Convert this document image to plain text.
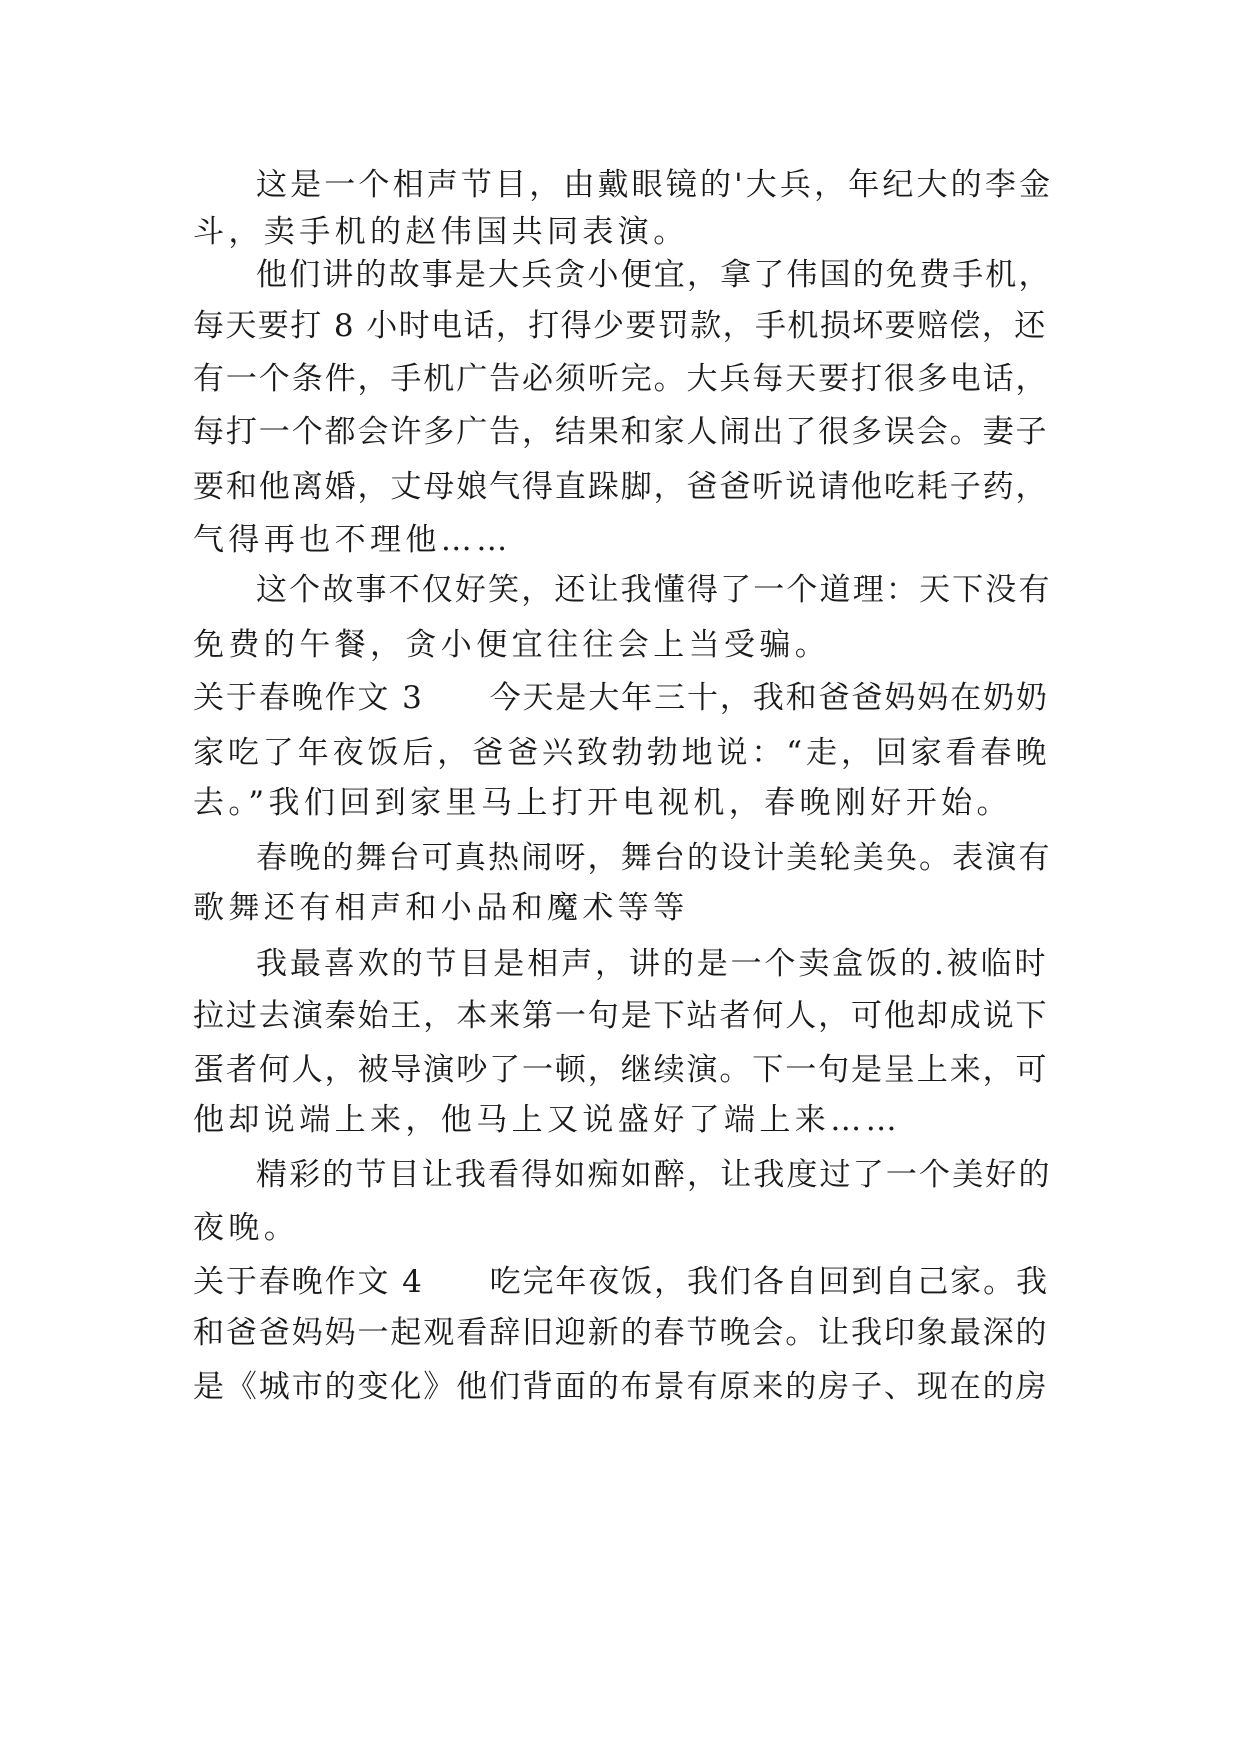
这是一个相声节目，由戴眼镜的'大兵，年纪大的李金
斗，卖手机的赵伟国共同表演。
他们讲的故事是大兵贪小便宜，拿了伟国的免费手机，
每天要打 8 小时电话，打得少要罚款，手机损坏要赔偿，还
有一个条件，手机广告必须听完。大兵每天要打很多电话，
每打一个都会许多广告，结果和家人闹出了很多误会。妻子
要和他离婚，丈母娘气得直跺脚，爸爸听说请他吃耗子药，
气得再也不理他……
这个故事不仅好笑，还让我懂得了一个道理：天下没有
免费的午餐，贪小便宜往往会上当受骗。
关于春晚作文 3　　今天是大年三十，我和爸爸妈妈在奶奶
家吃了年夜饭后，爸爸兴致勃勃地说：“走，回家看春晚
去。”我们回到家里马上打开电视机，春晚刚好开始。
春晚的舞台可真热闹呀，舞台的设计美轮美奂。表演有
歌舞还有相声和小品和魔术等等
我最喜欢的节目是相声，讲的是一个卖盒饭的.被临时
拉过去演秦始王，本来第一句是下站者何人，可他却成说下
蛋者何人，被导演吵了一顿，继续演。下一句是呈上来，可
他却说端上来，他马上又说盛好了端上来……
精彩的节目让我看得如痴如醉，让我度过了一个美好的
夜晚。
关于春晚作文 4　　吃完年夜饭，我们各自回到自己家。我
和爸爸妈妈一起观看辞旧迎新的春节晚会。让我印象最深的
是《城市的变化》他们背面的布景有原来的房子、现在的房
